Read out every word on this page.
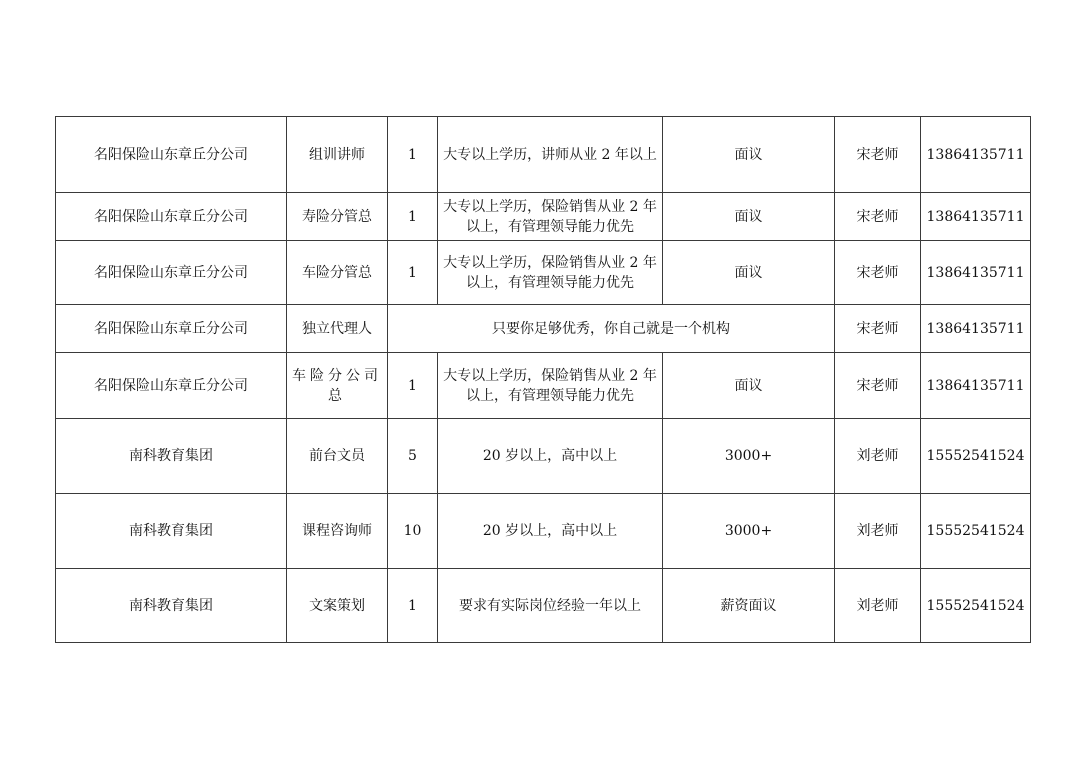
名阳保险山东章丘分公司	组训讲师	1	大专以上学历，讲师从业 2 年以上	面议	宋老师	13864135711
名阳保险山东章丘分公司	寿险分管总	1	大专以上学历，保险销售从业 2 年以上，有管理领导能力优先	面议	宋老师	13864135711
名阳保险山东章丘分公司	车险分管总	1	大专以上学历，保险销售从业 2 年以上，有管理领导能力优先	面议	宋老师	13864135711
名阳保险山东章丘分公司	独立代理人	只要你足够优秀，你自己就是一个机构			宋老师	13864135711
名阳保险山东章丘分公司	车险分公司总	1	大专以上学历，保险销售从业 2 年以上，有管理领导能力优先	面议	宋老师	13864135711
南科教育集团	前台文员	5	20 岁以上，高中以上	3000+	刘老师	15552541524
南科教育集团	课程咨询师	10	20 岁以上，高中以上	3000+	刘老师	15552541524
南科教育集团	文案策划	1	要求有实际岗位经验一年以上	薪资面议	刘老师	15552541524
